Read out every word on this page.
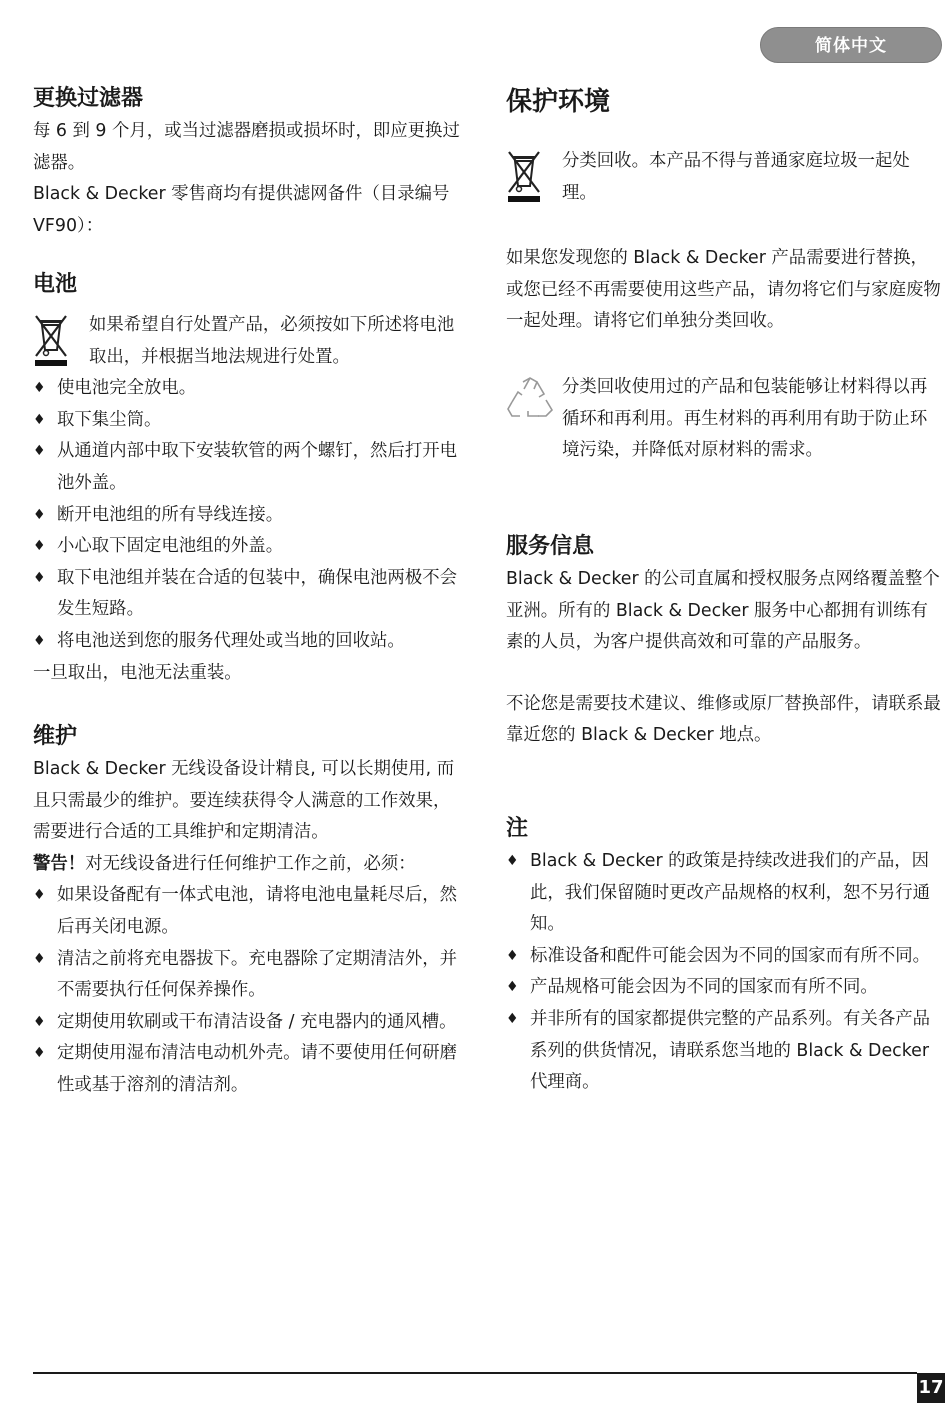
简体中文
更换过滤器

每 6 到 9 个月，或当过滤器磨损或损坏时，即应更换过滤器。

Black & Decker 零售商均有提供滤网备件（目录编号 VF90）：

电池

如果希望自行处置产品，必须按如下所述将电池取出，并根据当地法规进行处置。

♦ 使电池完全放电。
♦ 取下集尘筒。
♦ 从通道内部中取下安装软管的两个螺钉，然后打开电池外盖。
♦ 断开电池组的所有导线连接。
♦ 小心取下固定电池组的外盖。
♦ 取下电池组并装在合适的包装中，确保电池两极不会发生短路。
♦ 将电池送到您的服务代理处或当地的回收站。

一旦取出，电池无法重装。

维护

Black & Decker 无线设备设计精良, 可以长期使用, 而且只需最少的维护。要连续获得令人满意的工作效果，需要进行合适的工具维护和定期清洁。

警告！对无线设备进行任何维护工作之前，必须：

♦ 如果设备配有一体式电池，请将电池电量耗尽后，然后再关闭电源。
♦ 清洁之前将充电器拔下。充电器除了定期清洁外，并不需要执行任何保养操作。
♦ 定期使用软刷或干布清洁设备 / 充电器内的通风槽。
♦ 定期使用湿布清洁电动机外壳。请不要使用任何研磨性或基于溶剂的清洁剂。
保护环境

分类回收。本产品不得与普通家庭垃圾一起处理。

如果您发现您的 Black & Decker 产品需要进行替换，或您已经不再需要使用这些产品，请勿将它们与家庭废物一起处理。请将它们单独分类回收。

分类回收使用过的产品和包装能够让材料得以再循环和再利用。再生材料的再利用有助于防止环境污染，并降低对原材料的需求。

服务信息

Black & Decker 的公司直属和授权服务点网络覆盖整个亚洲。所有的 Black & Decker 服务中心都拥有训练有素的人员，为客户提供高效和可靠的产品服务。

不论您是需要技术建议、维修或原厂替换部件，请联系最靠近您的 Black & Decker 地点。

注
♦ Black & Decker 的政策是持续改进我们的产品，因此，我们保留随时更改产品规格的权利，恕不另行通知。
♦ 标准设备和配件可能会因为不同的国家而有所不同。
♦ 产品规格可能会因为不同的国家而有所不同。
♦ 并非所有的国家都提供完整的产品系列。有关各产品系列的供货情况，请联系您当地的 Black & Decker 代理商。
17
